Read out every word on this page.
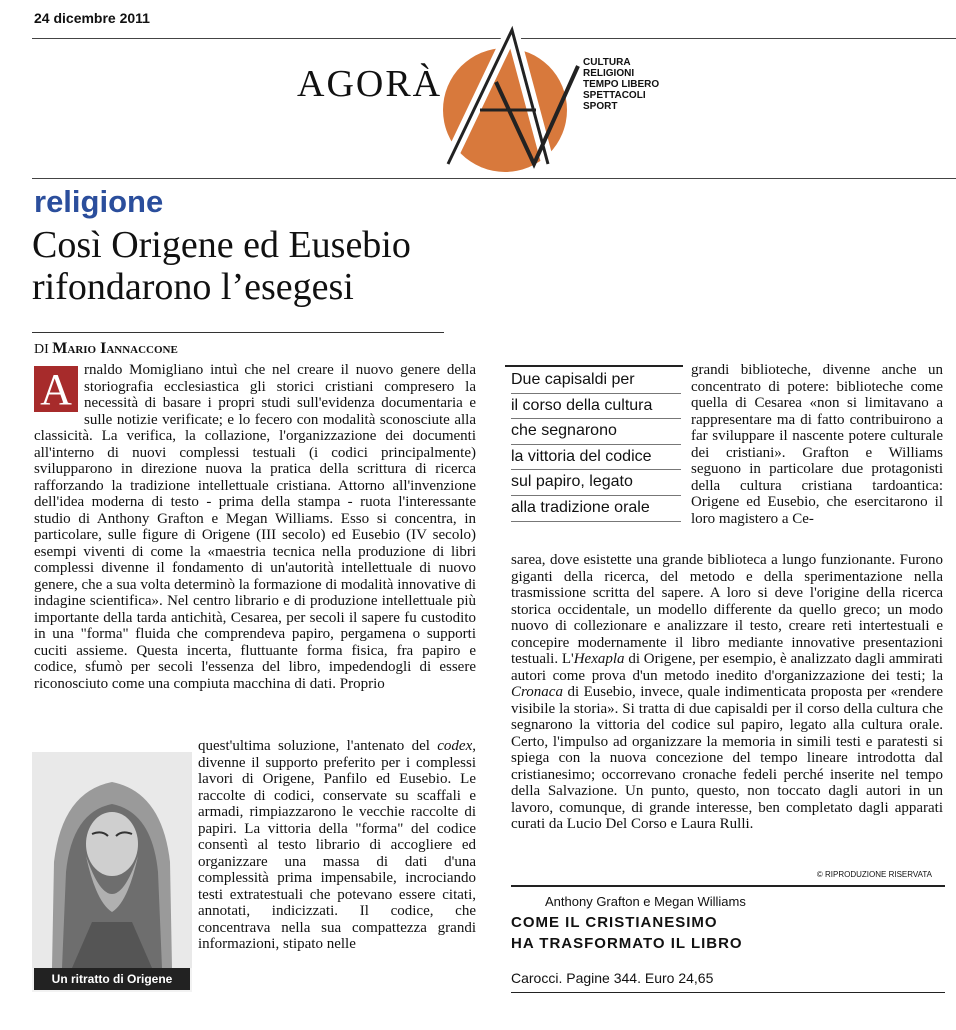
24 dicembre 2011
AGORÀ
CULTURA
RELIGIONI
TEMPO LIBERO
SPETTACOLI
SPORT
religione
Così Origene ed Eusebio
rifondarono l’esegesi
DI Mario Iannaccone
A rnaldo Momigliano intuì che nel creare il nuovo genere della storiografia ecclesiastica gli storici cristiani compresero la necessità di basare i propri studi sull'evidenza documentaria e sulle notizie verificate; e lo fecero con modalità sconosciute alla classicità. La verifica, la collazione, l'organizzazione dei documenti all'interno di nuovi complessi testuali (i codici principalmente) svilupparono in direzione nuova la pratica della scrittura di ricerca rafforzando la tradizione intellettuale cristiana. Attorno all'invenzione dell'idea moderna di testo - prima della stampa - ruota l'interessante studio di Anthony Grafton e Megan Williams. Esso si concentra, in particolare, sulle figure di Origene (III secolo) ed Eusebio (IV secolo) esempi viventi di come la «maestria tecnica nella produzione di libri complessi divenne il fondamento di un'autorità intellettuale di nuovo genere, che a sua volta determinò la formazione di modalità innovative di indagine scientifica». Nel centro librario e di produzione intellettuale più importante della tarda antichità, Cesarea, per secoli il sapere fu custodito in una "forma" fluida che comprendeva papiro, pergamena o supporti cuciti assieme. Questa incerta, fluttuante forma fisica, fra papiro e codice, sfumò per secoli l'essenza del libro, impedendogli di essere riconosciuto come una compiuta macchina di dati. Proprio
Un ritratto di Origene
quest'ultima soluzione, l'antenato del codex, divenne il supporto preferito per i complessi lavori di Origene, Panfilo ed Eusebio. Le raccolte di codici, conservate su scaffali e armadi, rimpiazzarono le vecchie raccolte di papiri. La vittoria della "forma" del codice consentì al testo librario di accogliere ed organizzare una massa di dati d'una complessità prima impensabile, incrociando testi extratestuali che potevano essere citati, annotati, indicizzati. Il codice, che concentrava nella sua compattezza grandi informazioni, stipato nelle
Due capisaldi per
il corso della cultura
che segnarono
la vittoria del codice
sul papiro, legato
alla tradizione orale
grandi biblioteche, divenne anche un concentrato di potere: biblioteche come quella di Cesarea «non si limitavano a rappresentare ma di fatto contribuirono a far sviluppare il nascente potere culturale dei cristiani». Grafton e Williams seguono in particolare due protagonisti della cultura cristiana tardoantica: Origene ed Eusebio, che esercitarono il loro magistero a Ce-
sarea, dove esistette una grande biblioteca a lungo funzionante. Furono giganti della ricerca, del metodo e della sperimentazione nella trasmissione scritta del sapere. A loro si deve l'origine della ricerca storica occidentale, un modello differente da quello greco; un modo nuovo di collezionare e analizzare il testo, creare reti intertestuali e concepire modernamente il libro mediante innovative presentazioni testuali. L'Hexapla di Origene, per esempio, è analizzato dagli ammirati autori come prova d'un metodo inedito d'organizzazione dei testi; la Cronaca di Eusebio, invece, quale indimenticata proposta per «rendere visibile la storia». Si tratta di due capisaldi per il corso della cultura che segnarono la vittoria del codice sul papiro, legato alla cultura orale. Certo, l'impulso ad organizzare la memoria in simili testi e paratesti si spiega con la nuova concezione del tempo lineare introdotta dal cristianesimo; occorrevano cronache fedeli perché inserite nel tempo della Salvazione. Un punto, questo, non toccato dagli autori in un lavoro, comunque, di grande interesse, ben completato dagli apparati curati da Lucio Del Corso e Laura Rulli.
© RIPRODUZIONE RISERVATA
Anthony Grafton e Megan Williams
COME IL CRISTIANESIMO
HA TRASFORMATO IL LIBRO
Carocci. Pagine 344. Euro 24,65
